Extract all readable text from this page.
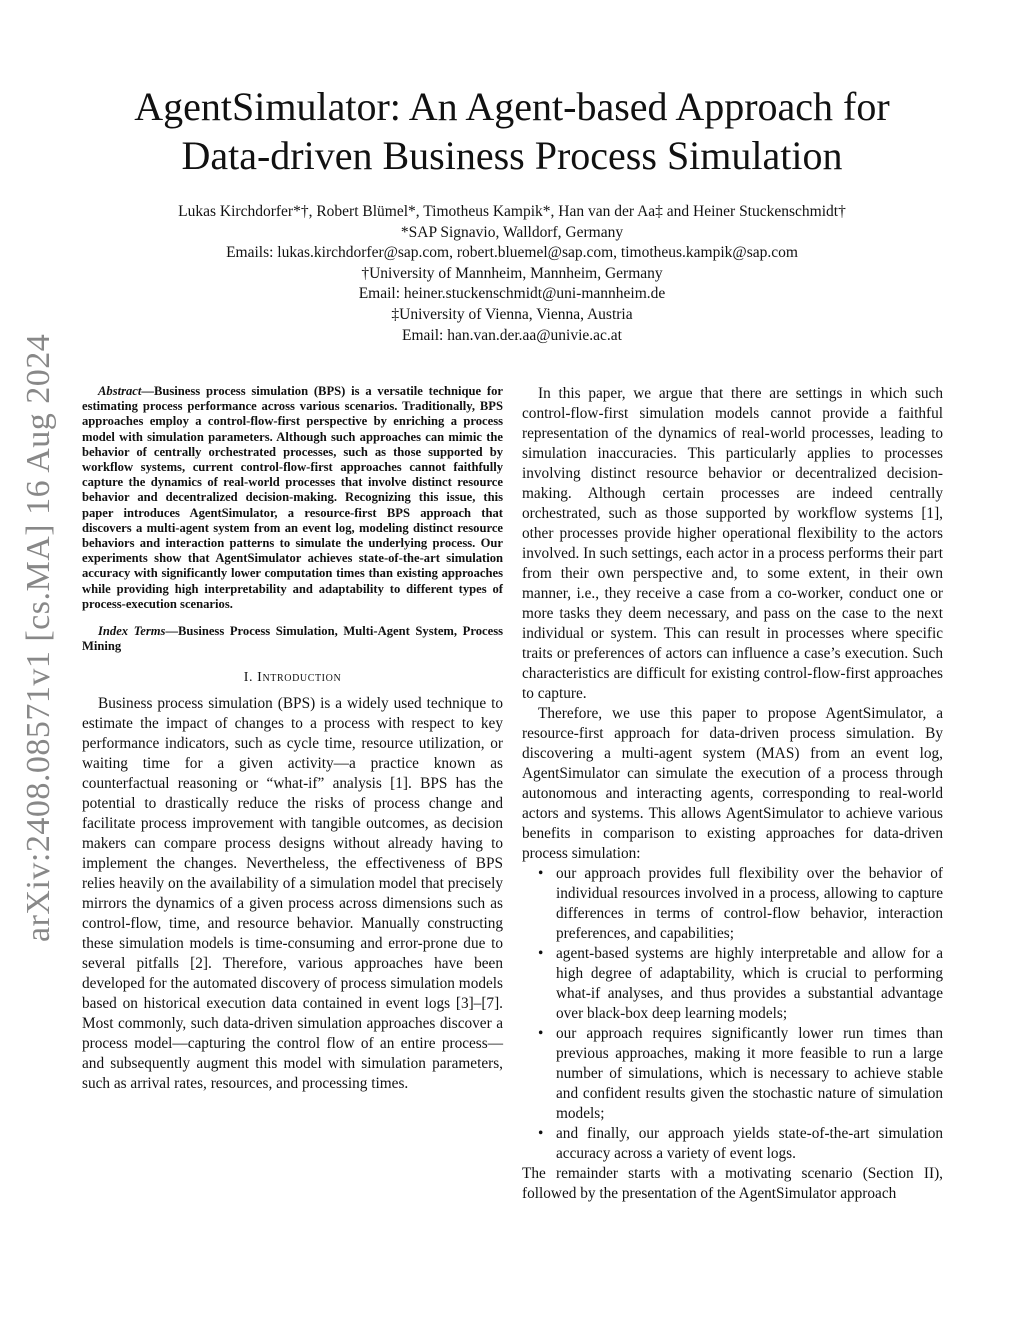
arXiv:2408.08571v1 [cs.MA] 16 Aug 2024
AgentSimulator: An Agent-based Approach for
Data-driven Business Process Simulation
Lukas Kirchdorfer*†, Robert Blümel*, Timotheus Kampik*, Han van der Aa‡ and Heiner Stuckenschmidt†
*SAP Signavio, Walldorf, Germany
Emails: lukas.kirchdorfer@sap.com, robert.bluemel@sap.com, timotheus.kampik@sap.com
†University of Mannheim, Mannheim, Germany
Email: heiner.stuckenschmidt@uni-mannheim.de
‡University of Vienna, Vienna, Austria
Email: han.van.der.aa@univie.ac.at

Abstract—Business process simulation (BPS) is a versatile technique for estimating process performance across various scenarios. Traditionally, BPS approaches employ a control-flow-first perspective by enriching a process model with simulation parameters. Although such approaches can mimic the behavior of centrally orchestrated processes, such as those supported by workflow systems, current control-flow-first approaches cannot faithfully capture the dynamics of real-world processes that involve distinct resource behavior and decentralized decision-making. Recognizing this issue, this paper introduces AgentSimulator, a resource-first BPS approach that discovers a multi-agent system from an event log, modeling distinct resource behaviors and interaction patterns to simulate the underlying process. Our experiments show that AgentSimulator achieves state-of-the-art simulation accuracy with significantly lower computation times than existing approaches while providing high interpretability and adaptability to different types of process-execution scenarios.

Index Terms—Business Process Simulation, Multi-Agent System, Process Mining

I. Introduction

Business process simulation (BPS) is a widely used technique to estimate the impact of changes to a process with respect to key performance indicators, such as cycle time, resource utilization, or waiting time for a given activity—a practice known as counterfactual reasoning or “what-if” analysis [1]. BPS has the potential to drastically reduce the risks of process change and facilitate process improvement with tangible outcomes, as decision makers can compare process designs without already having to implement the changes. Nevertheless, the effectiveness of BPS relies heavily on the availability of a simulation model that precisely mirrors the dynamics of a given process across dimensions such as control-flow, time, and resource behavior. Manually constructing these simulation models is time-consuming and error-prone due to several pitfalls [2]. Therefore, various approaches have been developed for the automated discovery of process simulation models based on historical execution data contained in event logs [3]–[7]. Most commonly, such data-driven simulation approaches discover a process model—capturing the control flow of an entire process—and subsequently augment this model with simulation parameters, such as arrival rates, resources, and processing times.

In this paper, we argue that there are settings in which such control-flow-first simulation models cannot provide a faithful representation of the dynamics of real-world processes, leading to simulation inaccuracies. This particularly applies to processes involving distinct resource behavior or decentralized decision-making. Although certain processes are indeed centrally orchestrated, such as those supported by workflow systems [1], other processes provide higher operational flexibility to the actors involved. In such settings, each actor in a process performs their part from their own perspective and, to some extent, in their own manner, i.e., they receive a case from a co-worker, conduct one or more tasks they deem necessary, and pass on the case to the next individual or system. This can result in processes where specific traits or preferences of actors can influence a case’s execution. Such characteristics are difficult for existing control-flow-first approaches to capture.

Therefore, we use this paper to propose AgentSimulator, a resource-first approach for data-driven process simulation. By discovering a multi-agent system (MAS) from an event log, AgentSimulator can simulate the execution of a process through autonomous and interacting agents, corresponding to real-world actors and systems. This allows AgentSimulator to achieve various benefits in comparison to existing approaches for data-driven process simulation:

• our approach provides full flexibility over the behavior of individual resources involved in a process, allowing to capture differences in terms of control-flow behavior, interaction preferences, and capabilities;
• agent-based systems are highly interpretable and allow for a high degree of adaptability, which is crucial to performing what-if analyses, and thus provides a substantial advantage over black-box deep learning models;
• our approach requires significantly lower run times than previous approaches, making it more feasible to run a large number of simulations, which is necessary to achieve stable and confident results given the stochastic nature of simulation models;
• and finally, our approach yields state-of-the-art simulation accuracy across a variety of event logs.

The remainder starts with a motivating scenario (Section II), followed by the presentation of the AgentSimulator approach
